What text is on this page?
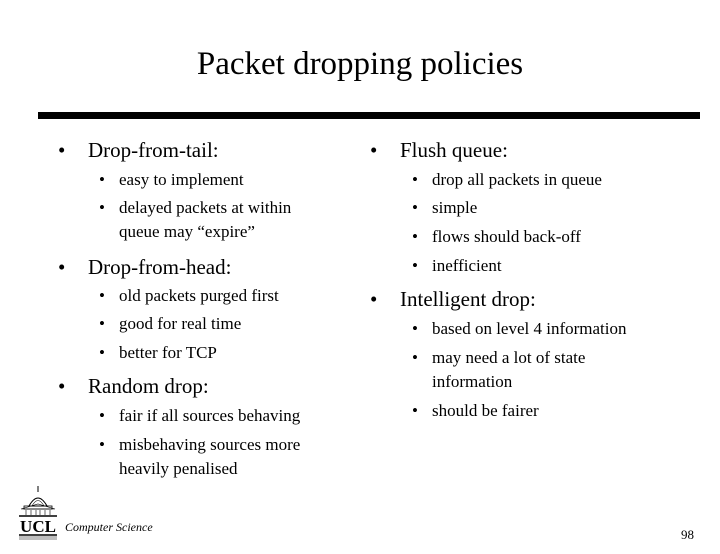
Packet dropping policies
• Drop-from-tail:
• easy to implement
• delayed packets at within
queue may “expire”
• Drop-from-head:
• old packets purged first
• good for real time
• better for TCP
• Random drop:
• fair if all sources behaving
• misbehaving sources more
heavily penalised
• Flush queue:
• drop all packets in queue
• simple
• flows should back-off
• inefficient
• Intelligent drop:
• based on level 4 information
• may need a lot of state
information
• should be fairer
UCL Computer Science	98
